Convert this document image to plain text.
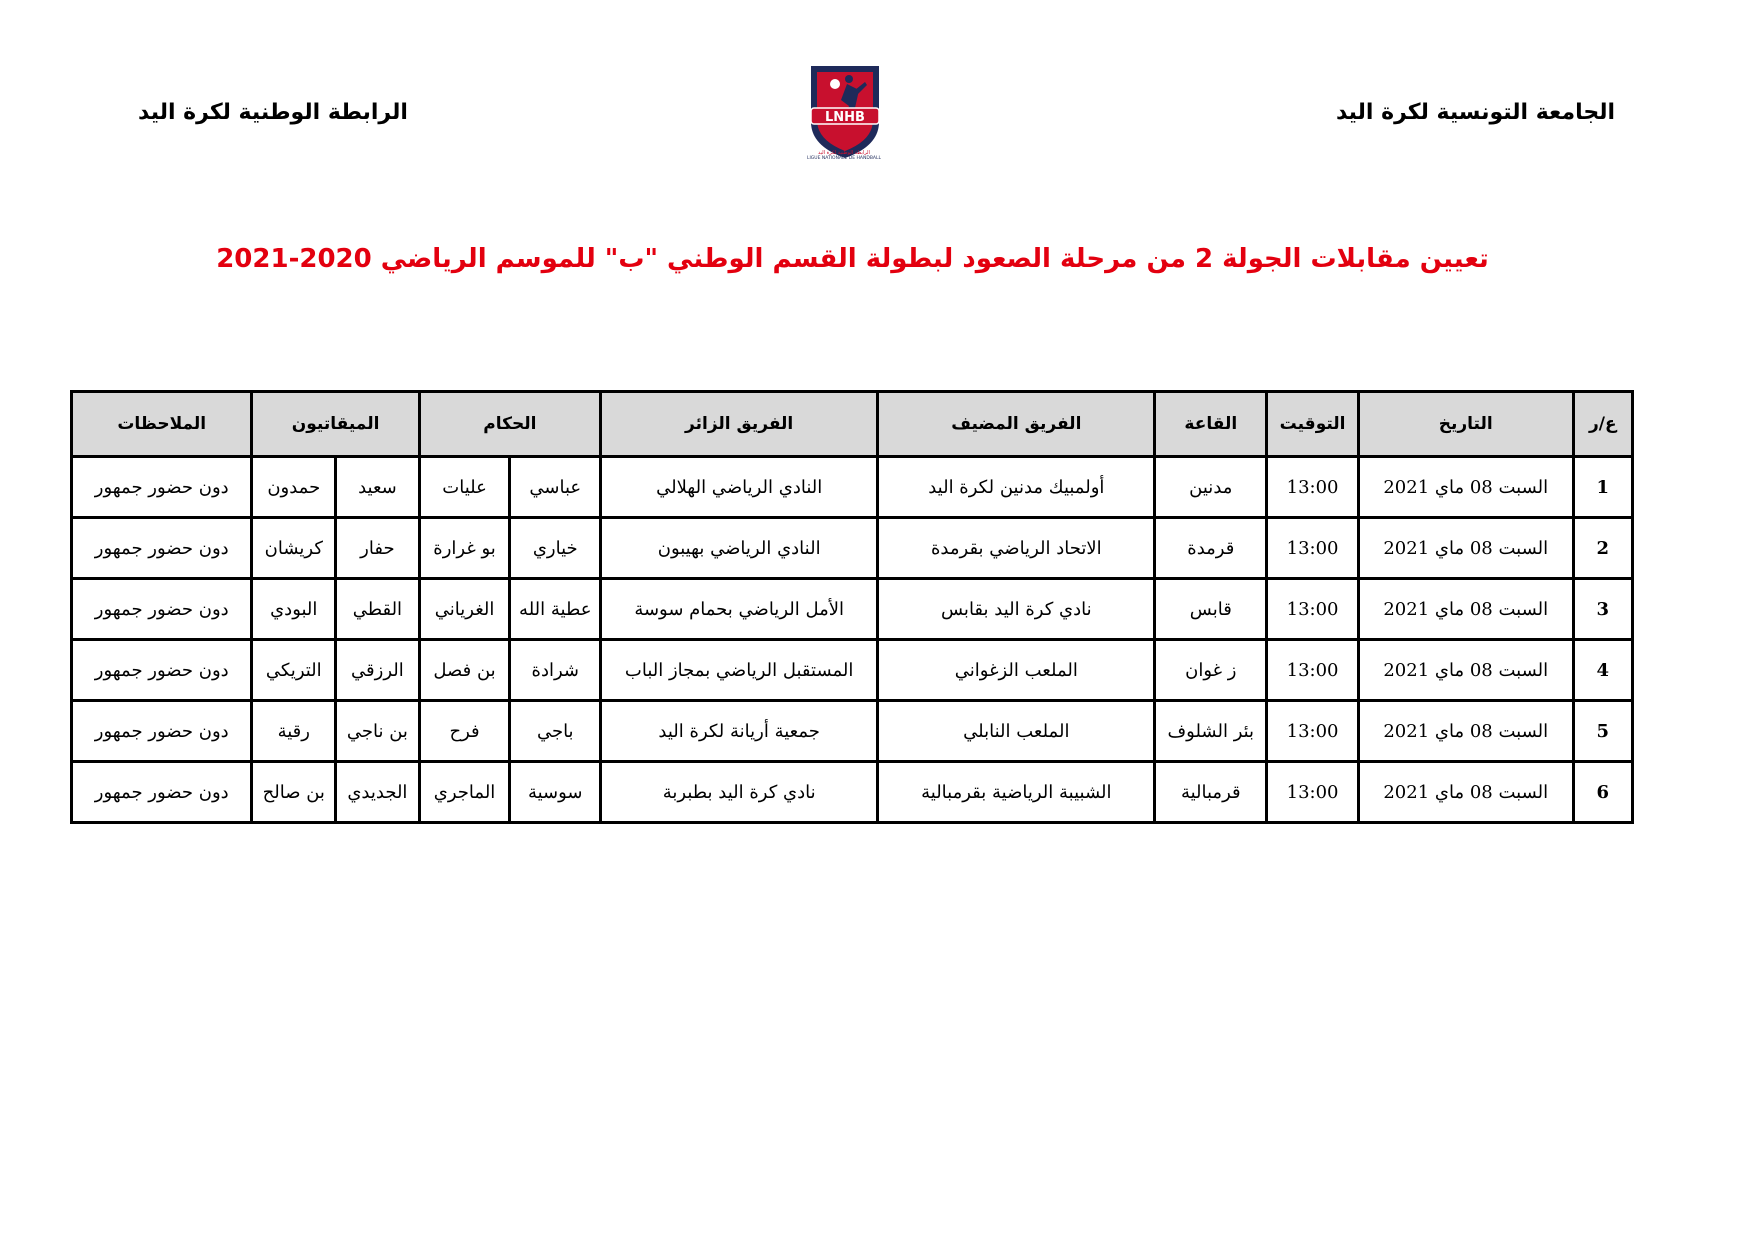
الجامعة التونسية لكرة اليد
الرابطة الوطنية لكرة اليد	LNHB
الرابطة الوطنية لكرة اليد
LIGUE NATIONALE DE HANDBALL
تعيين مقابلات الجولة 2 من مرحلة الصعود لبطولة القسم الوطني "ب" للموسم الرياضي 2020-2021
ع/ر	التاريخ	التوقيت	القاعة	الفريق المضيف	الفريق الزائر	الحكام		الميقاتيون		الملاحظات
1	السبت 08 ماي 2021	13:00	مدنين	أولمبيك مدنين لكرة اليد	النادي الرياضي الهلالي	عباسي	عليات	سعيد	حمدون	دون حضور جمهور
2	السبت 08 ماي 2021	13:00	قرمدة	الاتحاد الرياضي بقرمدة	النادي الرياضي بهيبون	خياري	بو غرارة	حفار	كريشان	دون حضور جمهور
3	السبت 08 ماي 2021	13:00	قابس	نادي كرة اليد بقابس	الأمل الرياضي بحمام سوسة	عطية الله	الغرياني	القطي	البودي	دون حضور جمهور
4	السبت 08 ماي 2021	13:00	ز غوان	الملعب الزغواني	المستقبل الرياضي بمجاز الباب	شرادة	بن فصل	الرزقي	التريكي	دون حضور جمهور
5	السبت 08 ماي 2021	13:00	بئر الشلوف	الملعب النابلي	جمعية أريانة لكرة اليد	باجي	فرح	بن ناجي	رقية	دون حضور جمهور
6	السبت 08 ماي 2021	13:00	قرمبالية	الشبيبة الرياضية بقرمبالية	نادي كرة اليد بطبربة	سوسية	الماجري	الجديدي	بن صالح	دون حضور جمهور
